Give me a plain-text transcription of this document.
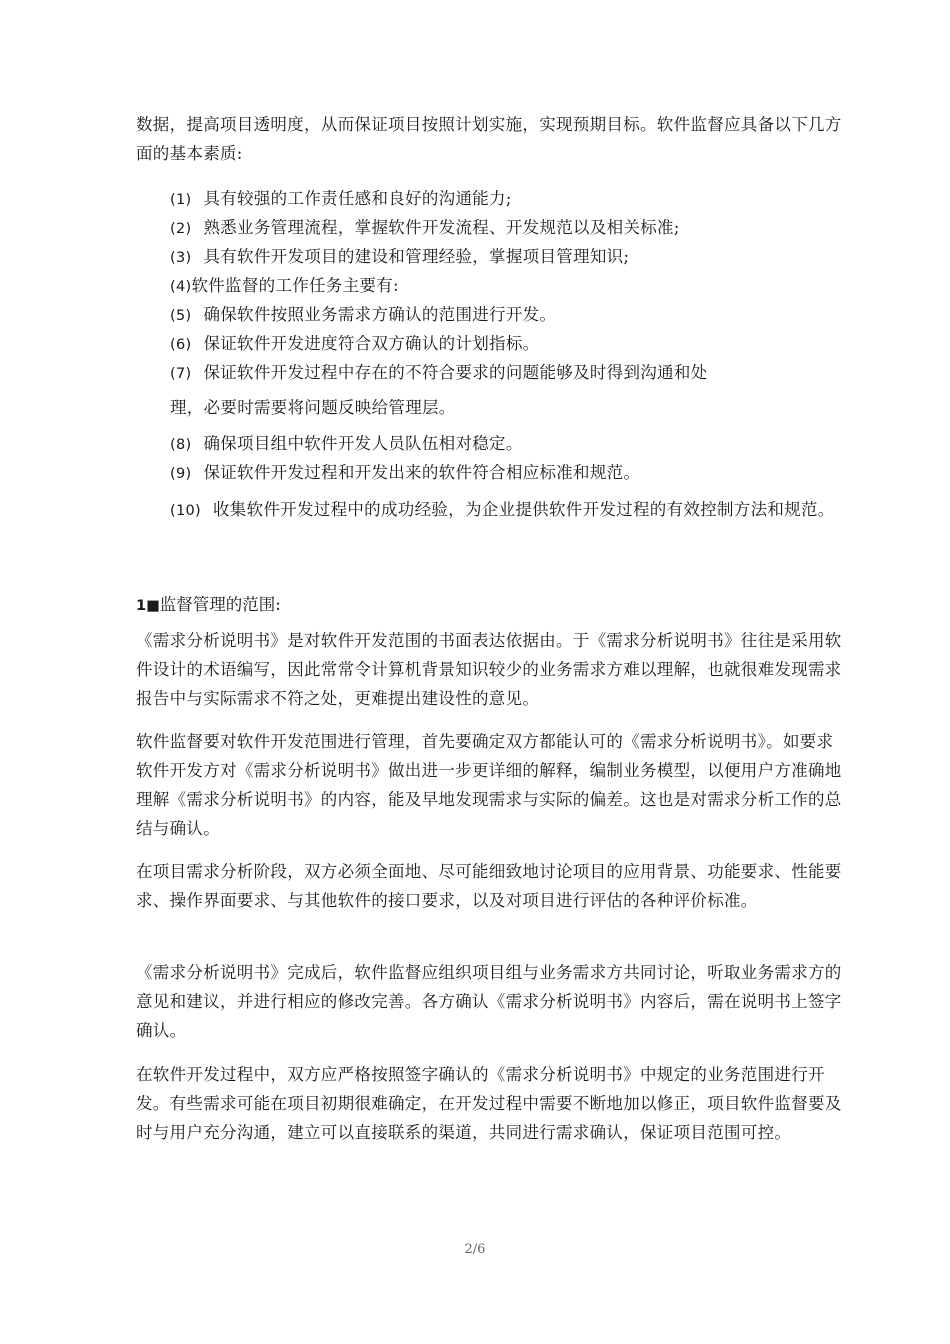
数据，提高项目透明度，从而保证项目按照计划实施，实现预期目标。软件监督应具备以下几方面的基本素质:

(1) 具有较强的工作责任感和良好的沟通能力;
(2) 熟悉业务管理流程，掌握软件开发流程、开发规范以及相关标准;
(3) 具有软件开发项目的建设和管理经验，掌握项目管理知识;
(4)软件监督的工作任务主要有:
(5) 确保软件按照业务需求方确认的范围进行开发。
(6) 保证软件开发进度符合双方确认的计划指标。
(7) 保证软件开发过程中存在的不符合要求的问题能够及时得到沟通和处
理，必要时需要将问题反映给管理层。
(8) 确保项目组中软件开发人员队伍相对稳定。
(9) 保证软件开发过程和开发出来的软件符合相应标准和规范。
(10) 收集软件开发过程中的成功经验，为企业提供软件开发过程的有效控制方法和规范。

1■监督管理的范围:

《需求分析说明书》是对软件开发范围的书面表达依据由。于《需求分析说明书》往往是采用软件设计的术语编写，因此常常令计算机背景知识较少的业务需求方难以理解，也就很难发现需求报告中与实际需求不符之处，更难提出建设性的意见。

软件监督要对软件开发范围进行管理，首先要确定双方都能认可的《需求分析说明书》。如要求软件开发方对《需求分析说明书》做出进一步更详细的解释，编制业务模型，以便用户方准确地理解《需求分析说明书》的内容，能及早地发现需求与实际的偏差。这也是对需求分析工作的总结与确认。

在项目需求分析阶段，双方必须全面地、尽可能细致地讨论项目的应用背景、功能要求、性能要求、操作界面要求、与其他软件的接口要求，以及对项目进行评估的各种评价标准。

《需求分析说明书》完成后，软件监督应组织项目组与业务需求方共同讨论，听取业务需求方的意见和建议，并进行相应的修改完善。各方确认《需求分析说明书》内容后，需在说明书上签字确认。

在软件开发过程中，双方应严格按照签字确认的《需求分析说明书》中规定的业务范围进行开发。有些需求可能在项目初期很难确定，在开发过程中需要不断地加以修正，项目软件监督要及时与用户充分沟通，建立可以直接联系的渠道，共同进行需求确认，保证项目范围可控。

2/6
